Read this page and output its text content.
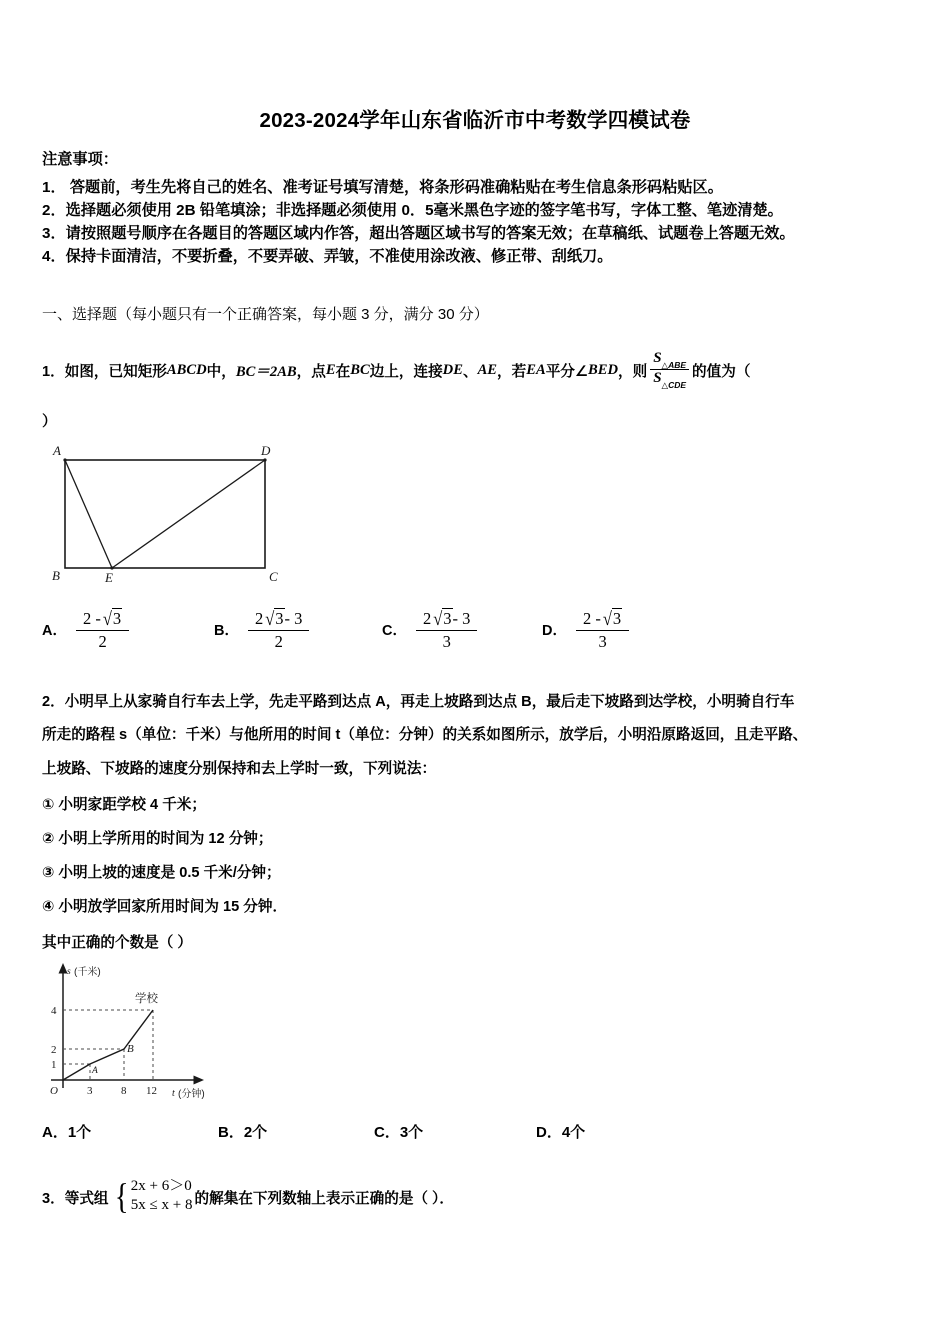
2023-2024学年山东省临沂市中考数学四模试卷
注意事项：
1． 答题前，考生先将自己的姓名、准考证号填写清楚，将条形码准确粘贴在考生信息条形码粘贴区。
2．选择题必须使用 2B 铅笔填涂；非选择题必须使用 0．5毫米黑色字迹的签字笔书写，字体工整、笔迹清楚。
3．请按照题号顺序在各题目的答题区域内作答，超出答题区域书写的答案无效；在草稿纸、试题卷上答题无效。
4．保持卡面清洁，不要折叠，不要弄破、弄皱，不准使用涂改液、修正带、刮纸刀。
一、选择题（每小题只有一个正确答案，每小题 3 分，满分 30 分）
1． 如图，已知矩形 ABCD 中， BC＝2AB ，点 E 在 BC 边上，连接 DE 、 AE ，若 EA 平分∠ BED ，则 $\frac{S_{\triangle ABE}}{S_{\triangle CDE}}$ 的值为（
）
A	D
B	C
E
A． $\frac{2 - √3}{2}$	B． $\frac{2 √3- 3}{2}$	C． $\frac{2 √3- 3}{3}$	D． $\frac{2 - √3}{3}$
2．小明早上从家骑自行车去上学，先走平路到达点 A，再走上坡路到达点 B，最后走下坡路到达学校，小明骑自行车
所走的路程 s（单位：千米）与他所用的时间 t（单位：分钟）的关系如图所示，放学后，小明沿原路返回，且走平路、
上坡路、下坡路的速度分别保持和去上学时一致，下列说法：
① 小明家距学校 4 千米；
② 小明上学所用的时间为 12 分钟；
③ 小明上坡的速度是 0.5 千米/分钟；
④ 小明放学回家所用时间为 15 分钟．
其中正确的个数是（ ）
4
2
1
3	8 12
O
s (千米)
t (分钟)
A
B
学校
A．1个	B．2个	C．3个	D．4个
3． 等式组 { 2x + 6＞0
5x ≤ x + 8 的解集在下列数轴上表示正确的是（ ）．
